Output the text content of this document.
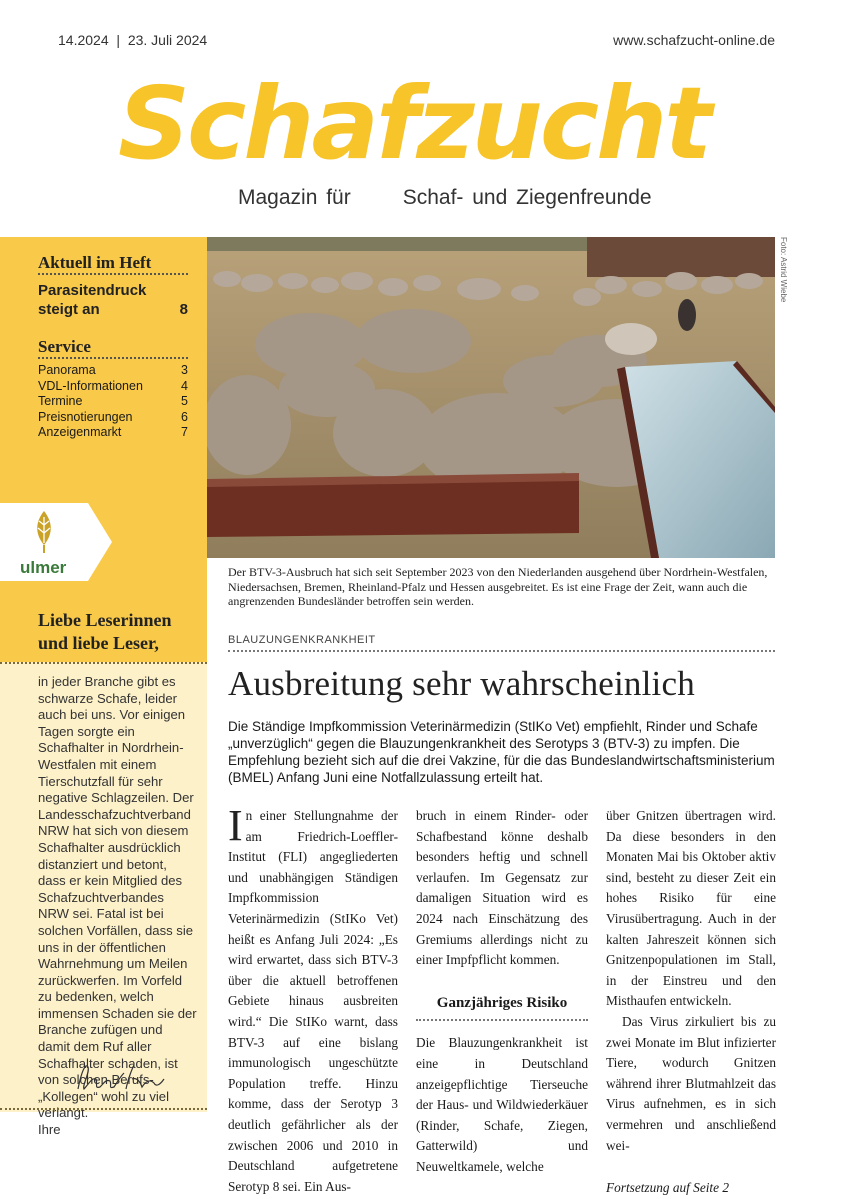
14.2024 | 23. Juli 2024	www.schafzucht-online.de
Schafzucht
Magazin für Schaf- und Ziegenfreunde
Aktuell im Heft
Parasitendruck steigt an	8
Service
Panorama	3
VDL-Informationen	4
Termine	5
Preisnotierungen	6
Anzeigenmarkt	7
ulmer
Liebe Leserinnen und liebe Leser,
in jeder Branche gibt es schwarze Schafe, leider auch bei uns. Vor einigen Tagen sorgte ein Schafhalter in Nordrhein-Westfalen mit einem Tierschutzfall für sehr negative Schlagzeilen. Der Landesschafzuchtverband NRW hat sich von diesem Schafhalter ausdrücklich distanziert und betont, dass er kein Mitglied des Schafzuchtverbandes NRW sei. Fatal ist bei solchen Vorfällen, dass sie uns in der öffentlichen Wahrnehmung um Meilen zurückwerfen. Im Vorfeld zu bedenken, welch immensen Schaden sie der Branche zufügen und damit dem Ruf aller Schafhalter schaden, ist von solchen Berufs-„Kollegen“ wohl zu viel verlangt.
Ihre
Foto: Astrid Wiebe
Der BTV-3-Ausbruch hat sich seit September 2023 von den Niederlanden ausgehend über Nordrhein-Westfalen, Niedersachsen, Bremen, Rheinland-Pfalz und Hessen ausgebreitet. Es ist eine Frage der Zeit, wann auch die angrenzenden Bundesländer betroffen sein werden.
BLAUZUNGENKRANKHEIT
Ausbreitung sehr wahrscheinlich
Die Ständige Impfkommission Veterinärmedizin (StIKo Vet) empfiehlt, Rinder und Schafe „unverzüglich“ gegen die Blauzungenkrankheit des Serotyps 3 (BTV-3) zu impfen. Die Empfehlung bezieht sich auf die drei Vakzine, für die das Bundeslandwirtschaftsministerium (BMEL) Anfang Juni eine Notfallzulassung erteilt hat.
In einer Stellungnahme der am Friedrich-Loeffler-Institut (FLI) angegliederten und unabhängigen Ständigen Impfkommission Veterinärmedizin (StIKo Vet) heißt es Anfang Juli 2024: „Es wird erwartet, dass sich BTV-3 über die aktuell betroffenen Gebiete hinaus ausbreiten wird.“ Die StIKo warnt, dass BTV-3 auf eine bislang immunologisch ungeschützte Population treffe. Hinzu komme, dass der Serotyp 3 deutlich gefährlicher als der zwischen 2006 und 2010 in Deutschland aufgetretene Serotyp 8 sei. Ein Aus-

bruch in einem Rinder- oder Schafbestand könne deshalb besonders heftig und schnell verlaufen. Im Gegensatz zur damaligen Situation wird es 2024 nach Einschätzung des Gremiums allerdings nicht zu einer Impfpflicht kommen.

Ganzjähriges Risiko

Die Blauzungenkrankheit ist eine in Deutschland anzeigepflichtige Tierseuche der Haus- und Wildwiederkäuer (Rinder, Schafe, Ziegen, Gatterwild) und Neuweltkamele, welche

über Gnitzen übertragen wird. Da diese besonders in den Monaten Mai bis Oktober aktiv sind, besteht zu dieser Zeit ein hohes Risiko für eine Virusübertragung. Auch in der kalten Jahreszeit können sich Gnitzenpopulationen im Stall, in der Einstreu und den Misthaufen entwickeln.

Das Virus zirkuliert bis zu zwei Monate im Blut infizierter Tiere, wodurch Gnitzen während ihrer Blutmahlzeit das Virus aufnehmen, es in sich vermehren und anschließend wei-

Fortsetzung auf Seite 2
